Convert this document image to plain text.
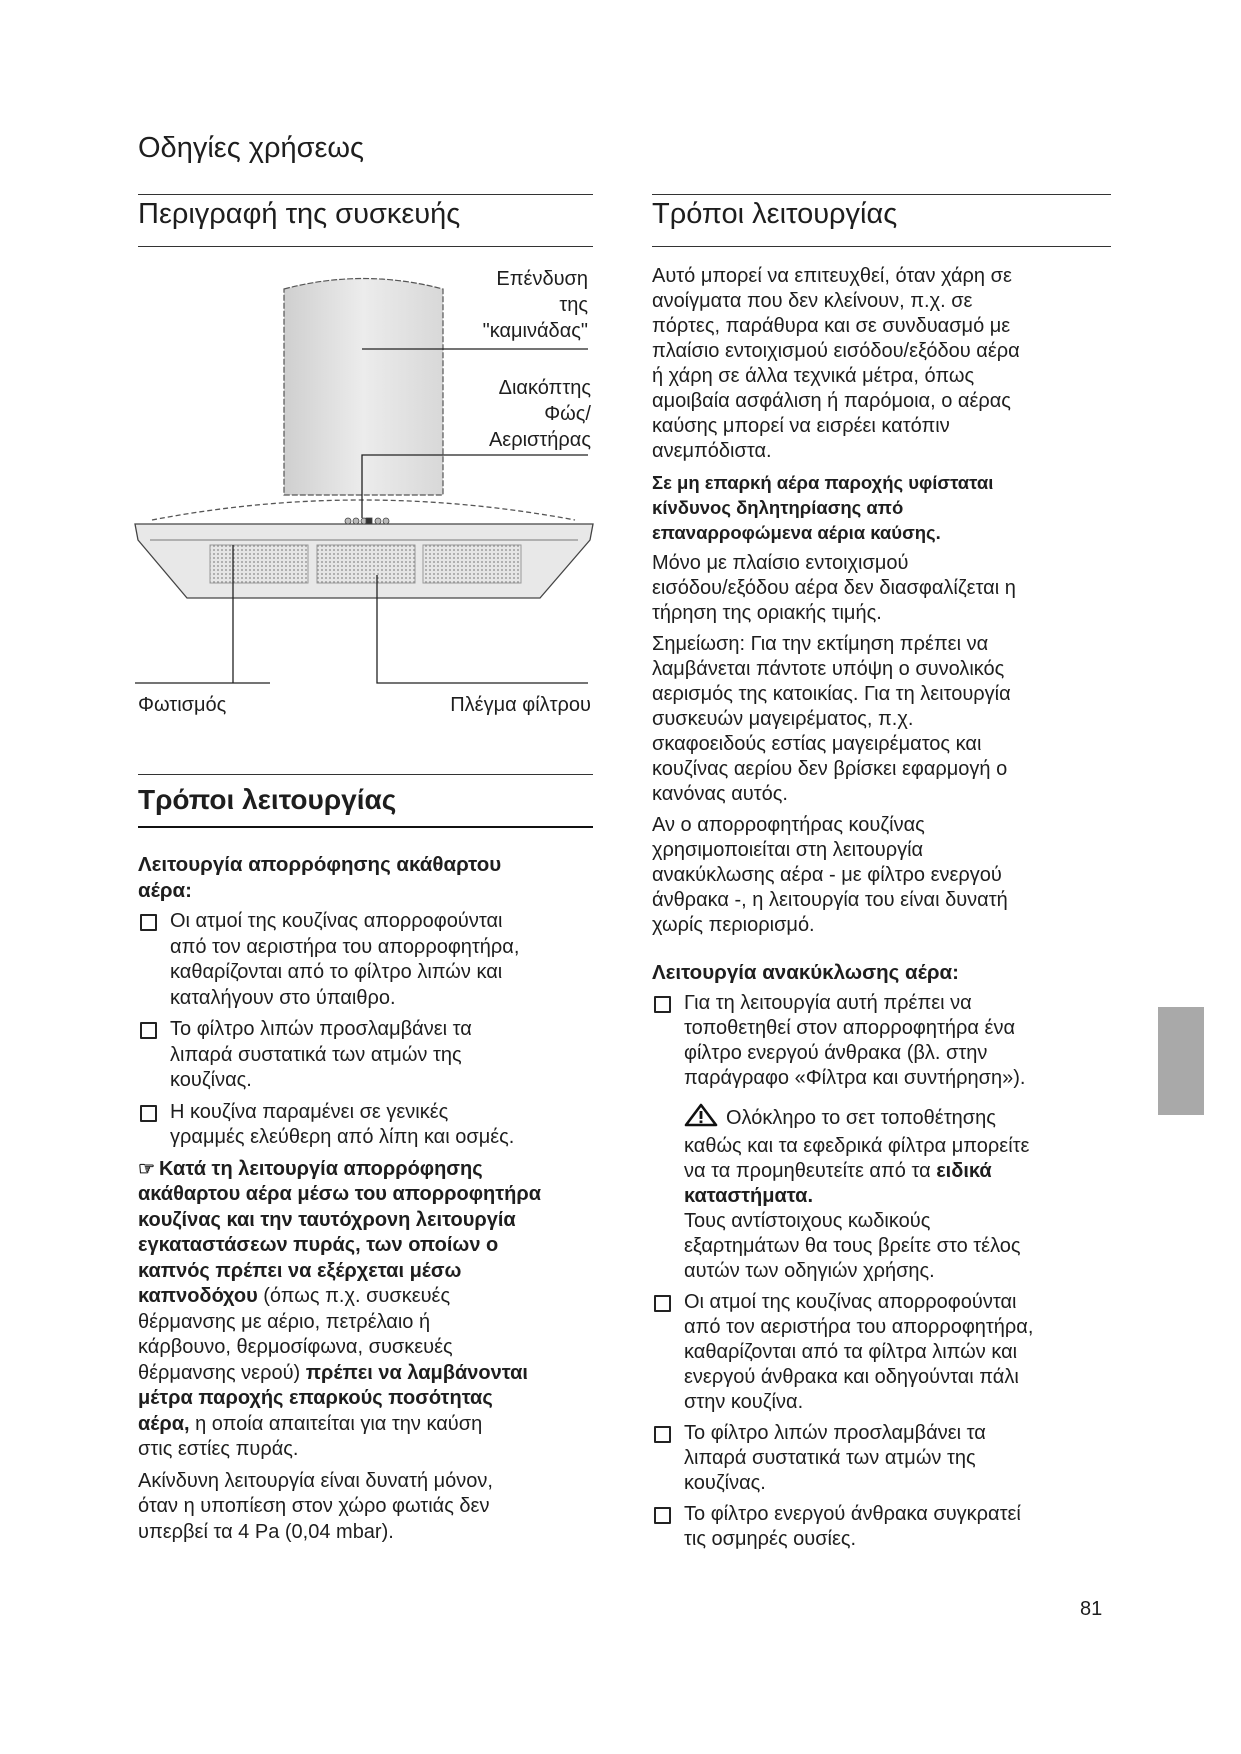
Οδηγίες χρήσεως
Περιγραφή της συσκευής
Επένδυση
της
"καμινάδας"
Διακόπτης
Φώς/
Αεριστήρας
Φωτισμός	Πλέγμα φίλτρου
Τρόποι λειτουργίας
Λειτουργία απορρόφησης ακάθαρτου
αέρα:
Οι ατμοί της κουζίνας απορροφούνται
από τον αεριστήρα του απορροφητήρα,
καθαρίζονται από το φίλτρο λιπών και
καταλήγουν στο ύπαιθρο.
Το φίλτρο λιπών προσλαμβάνει τα
λιπαρά συστατικά των ατμών της
κουζίνας.
Η κουζίνα παραμένει σε γενικές
γραμμές ελεύθερη από λίπη και οσμές.
☞ Κατά τη λειτουργία απορρόφησης
ακάθαρτου αέρα μέσω του απορροφητήρα
κουζίνας και την ταυτόχρονη λειτουργία
εγκαταστάσεων πυράς, των οποίων ο
καπνός πρέπει να εξέρχεται μέσω
καπνοδόχου (όπως π.χ. συσκευές
θέρμανσης με αέριο, πετρέλαιο ή
κάρβουνο, θερμοσίφωνα, συσκευές
θέρμανσης νερού) πρέπει να λαμβάνονται
μέτρα παροχής επαρκούς ποσότητας
αέρα, η οποία απαιτείται για την καύση
στις εστίες πυράς.
Ακίνδυνη λειτουργία είναι δυνατή μόνον,
όταν η υποπίεση στον χώρο φωτιάς δεν
υπερβεί τα 4 Pa (0,04 mbar).
Τρόποι λειτουργίας
Αυτό μπορεί να επιτευχθεί, όταν χάρη σε
ανοίγματα που δεν κλείνουν, π.χ. σε
πόρτες, παράθυρα και σε συνδυασμό με
πλαίσιο εντοιχισμού εισόδου/εξόδου αέρα
ή χάρη σε άλλα τεχνικά μέτρα, όπως
αμοιβαία ασφάλιση ή παρόμοια, ο αέρας
καύσης μπορεί να εισρέει κατόπιν
ανεμπόδιστα.
Σε μη επαρκή αέρα παροχής υφίσταται
κίνδυνος δηλητηρίασης από
επαναρροφώμενα αέρια καύσης.
Μόνο με πλαίσιο εντοιχισμού
εισόδου/εξόδου αέρα δεν διασφαλίζεται η
τήρηση της οριακής τιμής.
Σημείωση: Για την εκτίμηση πρέπει να
λαμβάνεται πάντοτε υπόψη ο συνολικός
αερισμός της κατοικίας. Για τη λειτουργία
συσκευών μαγειρέματος, π.χ.
σκαφοειδούς εστίας μαγειρέματος και
κουζίνας αερίου δεν βρίσκει εφαρμογή ο
κανόνας αυτός.
Αν ο απορροφητήρας κουζίνας
χρησιμοποιείται στη λειτουργία
ανακύκλωσης αέρα - με φίλτρο ενεργού
άνθρακα -, η λειτουργία του είναι δυνατή
χωρίς περιορισμό.
Λειτουργία ανακύκλωσης αέρα:
Για τη λειτουργία αυτή πρέπει να
τοποθετηθεί στον απορροφητήρα ένα
φίλτρο ενεργού άνθρακα (βλ. στην
παράγραφο «Φίλτρα και συντήρηση»).
Ολόκληρο το σετ τοποθέτησης
καθώς και τα εφεδρικά φίλτρα μπορείτε
να τα προμηθευτείτε από τα ειδικά
καταστήματα.
Τους αντίστοιχους κωδικούς
εξαρτημάτων θα τους βρείτε στο τέλος
αυτών των οδηγιών χρήσης.
Οι ατμοί της κουζίνας απορροφούνται
από τον αεριστήρα του απορροφητήρα,
καθαρίζονται από τα φίλτρα λιπών και
ενεργού άνθρακα και οδηγούνται πάλι
στην κουζίνα.
Το φίλτρο λιπών προσλαμβάνει τα
λιπαρά συστατικά των ατμών της
κουζίνας.
Το φίλτρο ενεργού άνθρακα συγκρατεί
τις οσμηρές ουσίες.
81
